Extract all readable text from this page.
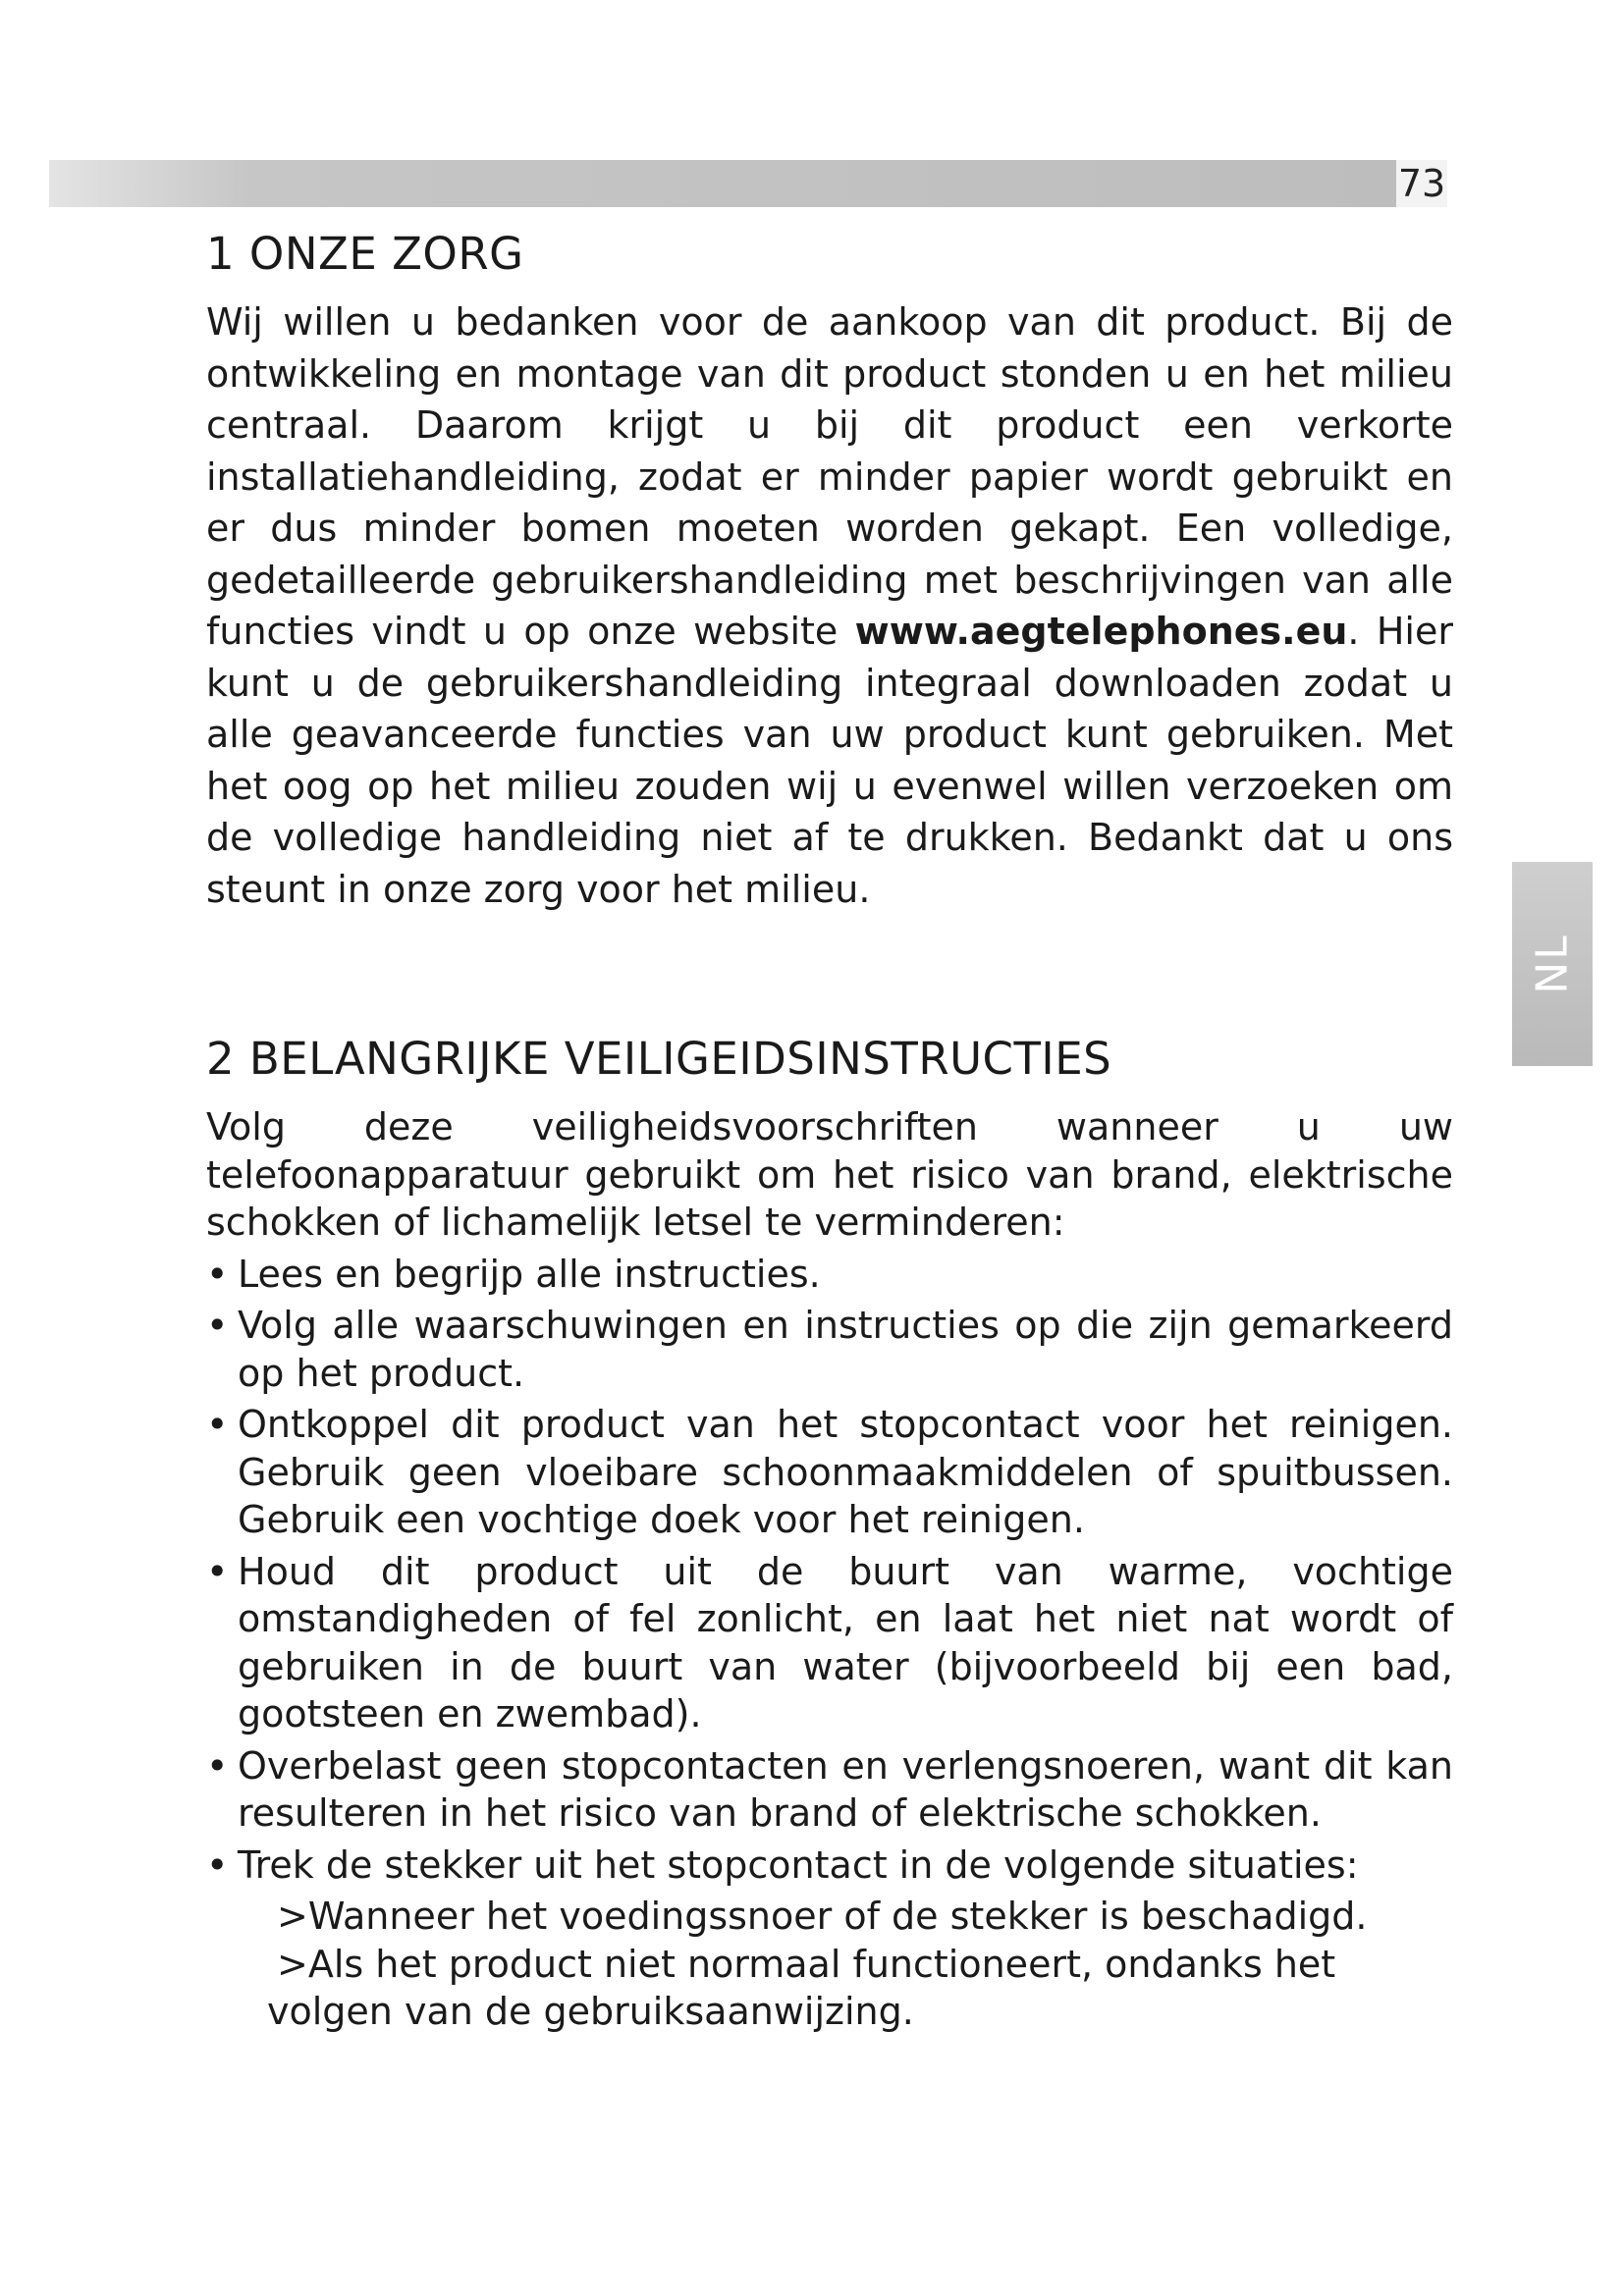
73
NL
1 ONZE ZORG

Wij willen u bedanken voor de aankoop van dit product. Bij de ontwikkeling en montage van dit product stonden u en het milieu centraal. Daarom krijgt u bij dit product een verkorte installatiehandleiding, zodat er minder papier wordt gebruikt en er dus minder bomen moeten worden gekapt. Een volledige, gedetailleerde gebruikershandleiding met beschrijvingen van alle functies vindt u op onze website www.aegtelephones.eu. Hier kunt u de gebruikershandleiding integraal downloaden zodat u alle geavanceerde functies van uw product kunt gebruiken. Met het oog op het milieu zouden wij u evenwel willen verzoeken om de volledige handleiding niet af te drukken. Bedankt dat u ons steunt in onze zorg voor het milieu.

2 BELANGRIJKE VEILIGEIDSINSTRUCTIES

Volg deze veiligheidsvoorschriften wanneer u uw telefoonapparatuur gebruikt om het risico van brand, elektrische schokken of lichamelijk letsel te verminderen:

• Lees en begrijp alle instructies.
• Volg alle waarschuwingen en instructies op die zijn gemarkeerd op het product.
• Ontkoppel dit product van het stopcontact voor het reinigen. Gebruik geen vloeibare schoonmaakmiddelen of spuitbussen. Gebruik een vochtige doek voor het reinigen.
• Houd dit product uit de buurt van warme, vochtige omstandigheden of fel zonlicht, en laat het niet nat wordt of gebruiken in de buurt van water (bijvoorbeeld bij een bad, gootsteen en zwembad).
• Overbelast geen stopcontacten en verlengsnoeren, want dit kan resulteren in het risico van brand of elektrische schokken.
• Trek de stekker uit het stopcontact in de volgende situaties:
>Wanneer het voedingssnoer of de stekker is beschadigd.
>Als het product niet normaal functioneert, ondanks het volgen van de gebruiksaanwijzing.
